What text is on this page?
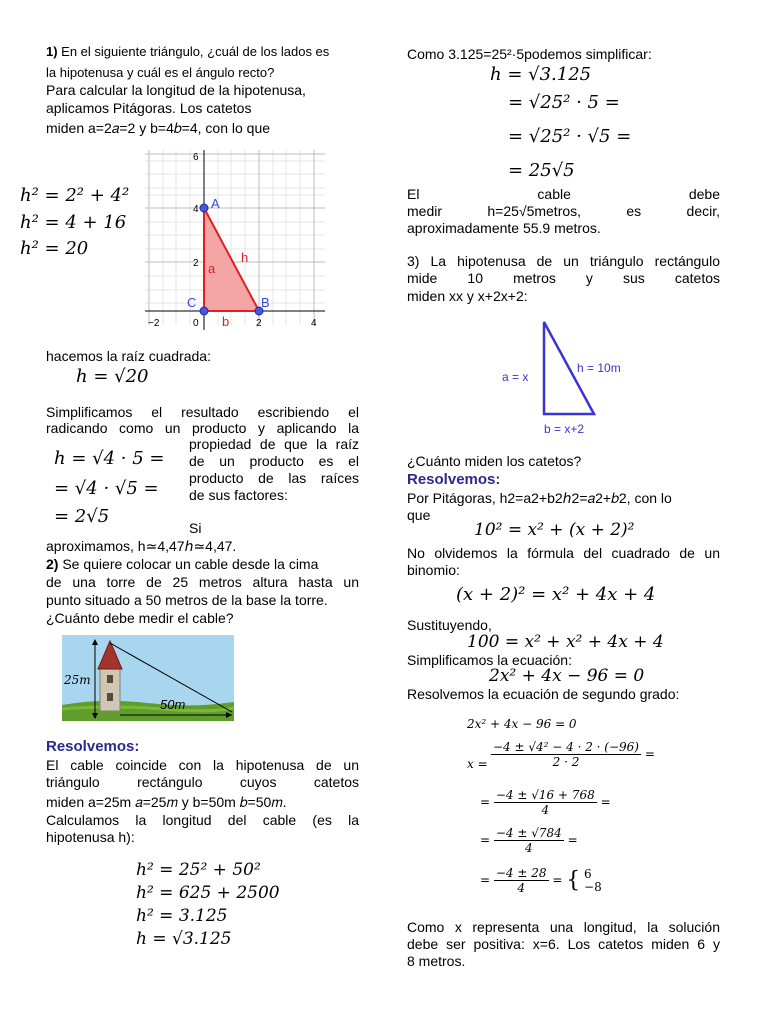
1) En el siguiente triángulo, ¿cuál de los lados es
la hipotenusa y cuál es el ángulo recto?
Para calcular la longitud de la hipotenusa,
aplicamos Pitágoras. Los catetos
miden a=2𝑎=2 y b=4𝑏=4, con lo que
h² = 2² + 4²
h² = 4 + 16
h² = 20
6
4
2
0
−2	2	4
A
C	B
a
h
b
hacemos la raíz cuadrada:
h = √20
Simplificamos el resultado escribiendo el
radicando como un producto y aplicando la
propiedad de que la raíz
de un producto es el
producto de las raíces
de sus factores:
h = √4 · 5 =
= √4 · √5 =
= 2√5
Si
aproximamos, h≃4,47ℎ≃4,47.
2) Se quiere colocar un cable desde la cima
de una torre de 25 metros altura hasta un
punto situado a 50 metros de la base la torre.
¿Cuánto debe medir el cable?
25m
50m
Resolvemos:
El cable coincide con la hipotenusa de un
triángulo rectángulo cuyos catetos
miden a=25m 𝑎=25𝑚 y b=50m 𝑏=50𝑚.
Calculamos la longitud del cable (es la
hipotenusa h):
h² = 25² + 50²
h² = 625 + 2500
h² = 3.125
h = √3.125
Como 3.125=25²·5podemos simplificar:
h = √3.125
= √25² · 5 =
= √25² · √5 =
= 25√5
El cable debe
medir h=25√5metros, es decir,
aproximadamente 55.9 metros.
3) La hipotenusa de un triángulo rectángulo
mide 10 metros y sus catetos
miden xx y x+2x+2:
a = x
h = 10m
b = x+2
¿Cuánto miden los catetos?
Resolvemos:
Por Pitágoras, h2=a2+b2ℎ2=𝑎2+𝑏2, con lo
que
10² = x² + (x + 2)²
No olvidemos la fórmula del cuadrado de un
binomio:
(x + 2)² = x² + 4x + 4
Sustituyendo,
100 = x² + x² + 4x + 4
Simplificamos la ecuación:
2x² + 4x − 96 = 0
Resolvemos la ecuación de segundo grado:
2x² + 4x − 96 = 0
$x = \frac{\text{−4 ± √4² − 4 · 2 · (−96)}}{2 \cdot 2}$ =
= $\frac{-4 \pm √16 + 768}{4}$ =
= $\frac{-4 \pm √784}{4}$ =
= $\frac{-4 \pm 28}{4}$ = { 6
−8
Como x representa una longitud, la solución
debe ser positiva: x=6. Los catetos miden 6 y
8 metros.
